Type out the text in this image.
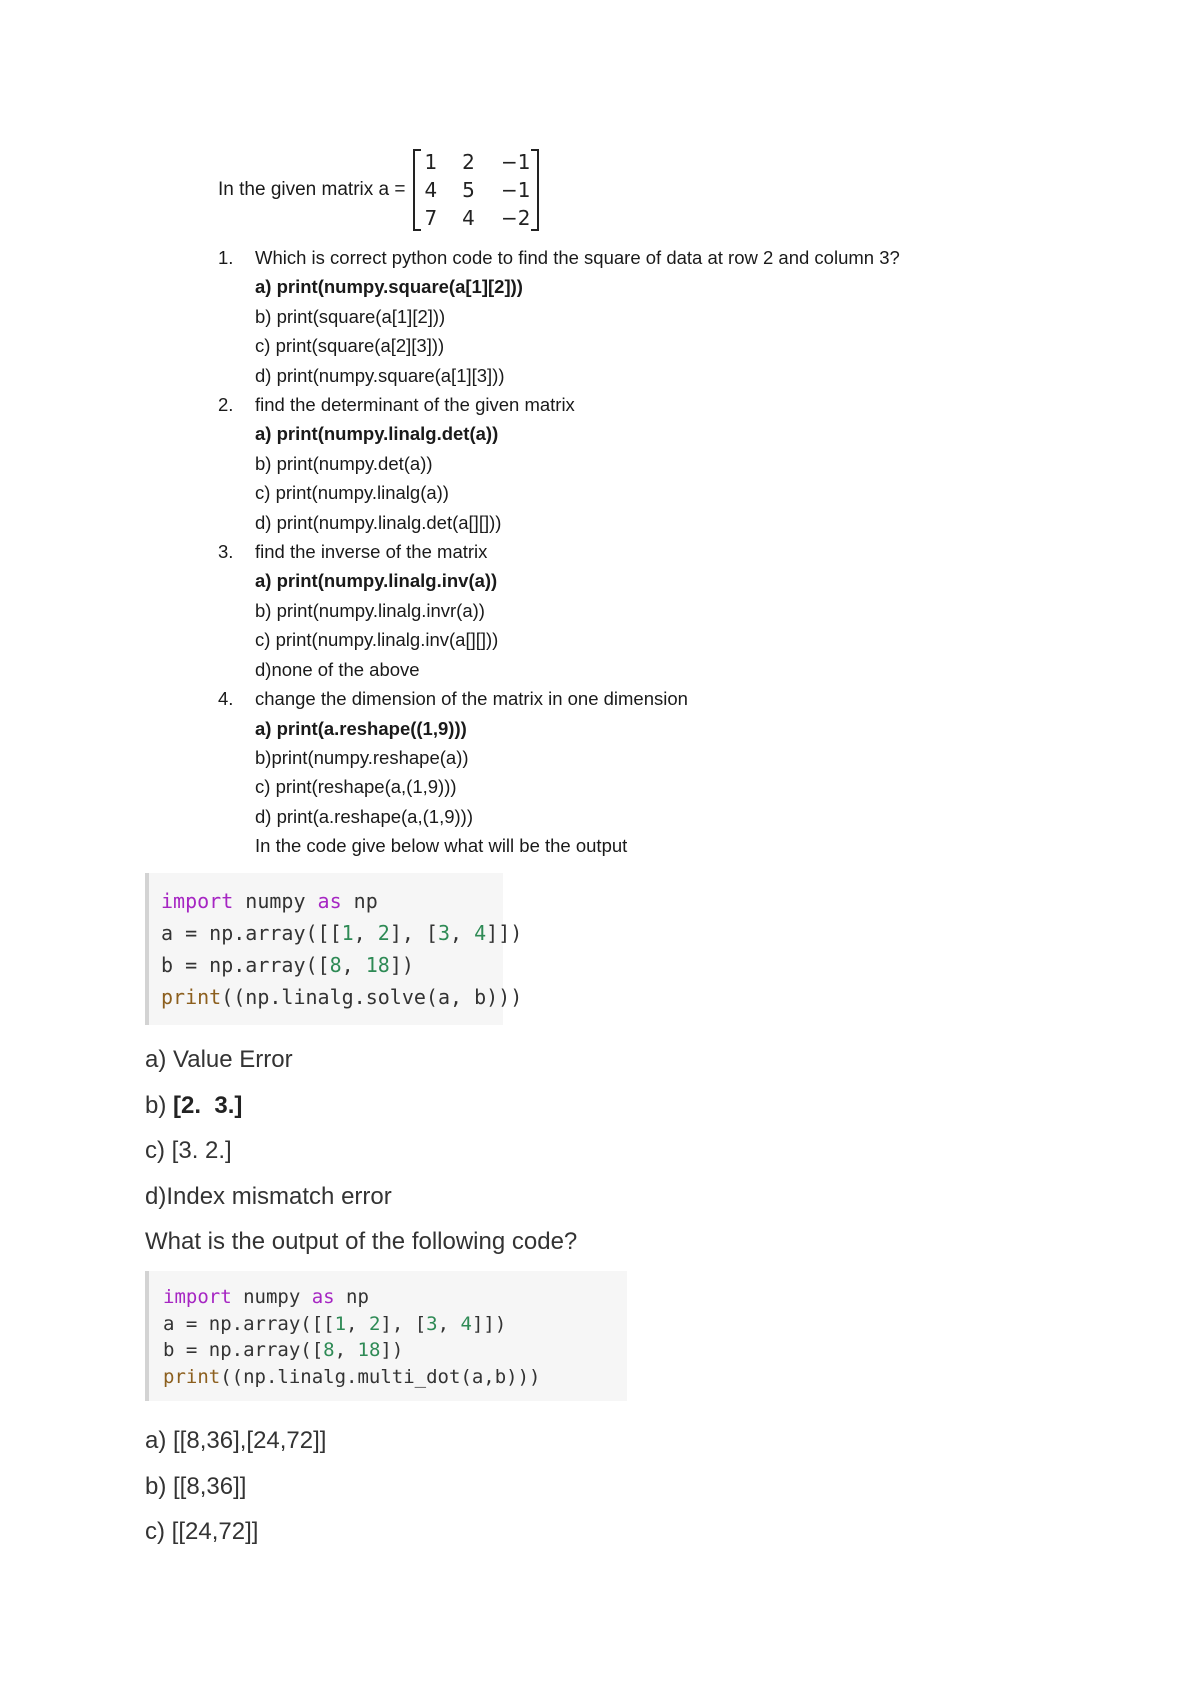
In the given matrix a =
1	2	−1
4	5	−1
7	4	−2
1. Which is correct python code to find the square of data at row 2 and column 3?
a) print(numpy.square(a[1][2]))
b) print(square(a[1][2]))
c) print(square(a[2][3]))
d) print(numpy.square(a[1][3]))
2. find the determinant of the given matrix
a) print(numpy.linalg.det(a))
b) print(numpy.det(a))
c) print(numpy.linalg(a))
d) print(numpy.linalg.det(a[][]))
3. find the inverse of the matrix
a) print(numpy.linalg.inv(a))
b) print(numpy.linalg.invr(a))
c) print(numpy.linalg.inv(a[][]))
d)none of the above
4. change the dimension of the matrix in one dimension
a) print(a.reshape((1,9)))
b)print(numpy.reshape(a))
c) print(reshape(a,(1,9)))
d) print(a.reshape(a,(1,9)))
In the code give below what will be the output
import numpy as np
a = np.array([[1, 2], [3, 4]])
b = np.array([8, 18])
print((np.linalg.solve(a, b)))
a) Value Error
b) [2.  3.]
c) [3. 2.]
d)Index mismatch error
What is the output of the following code?
import numpy as np
a = np.array([[1, 2], [3, 4]])
b = np.array([8, 18])
print((np.linalg.multi_dot(a,b)))
a) [[8,36],[24,72]]
b) [[8,36]]
c) [[24,72]]
